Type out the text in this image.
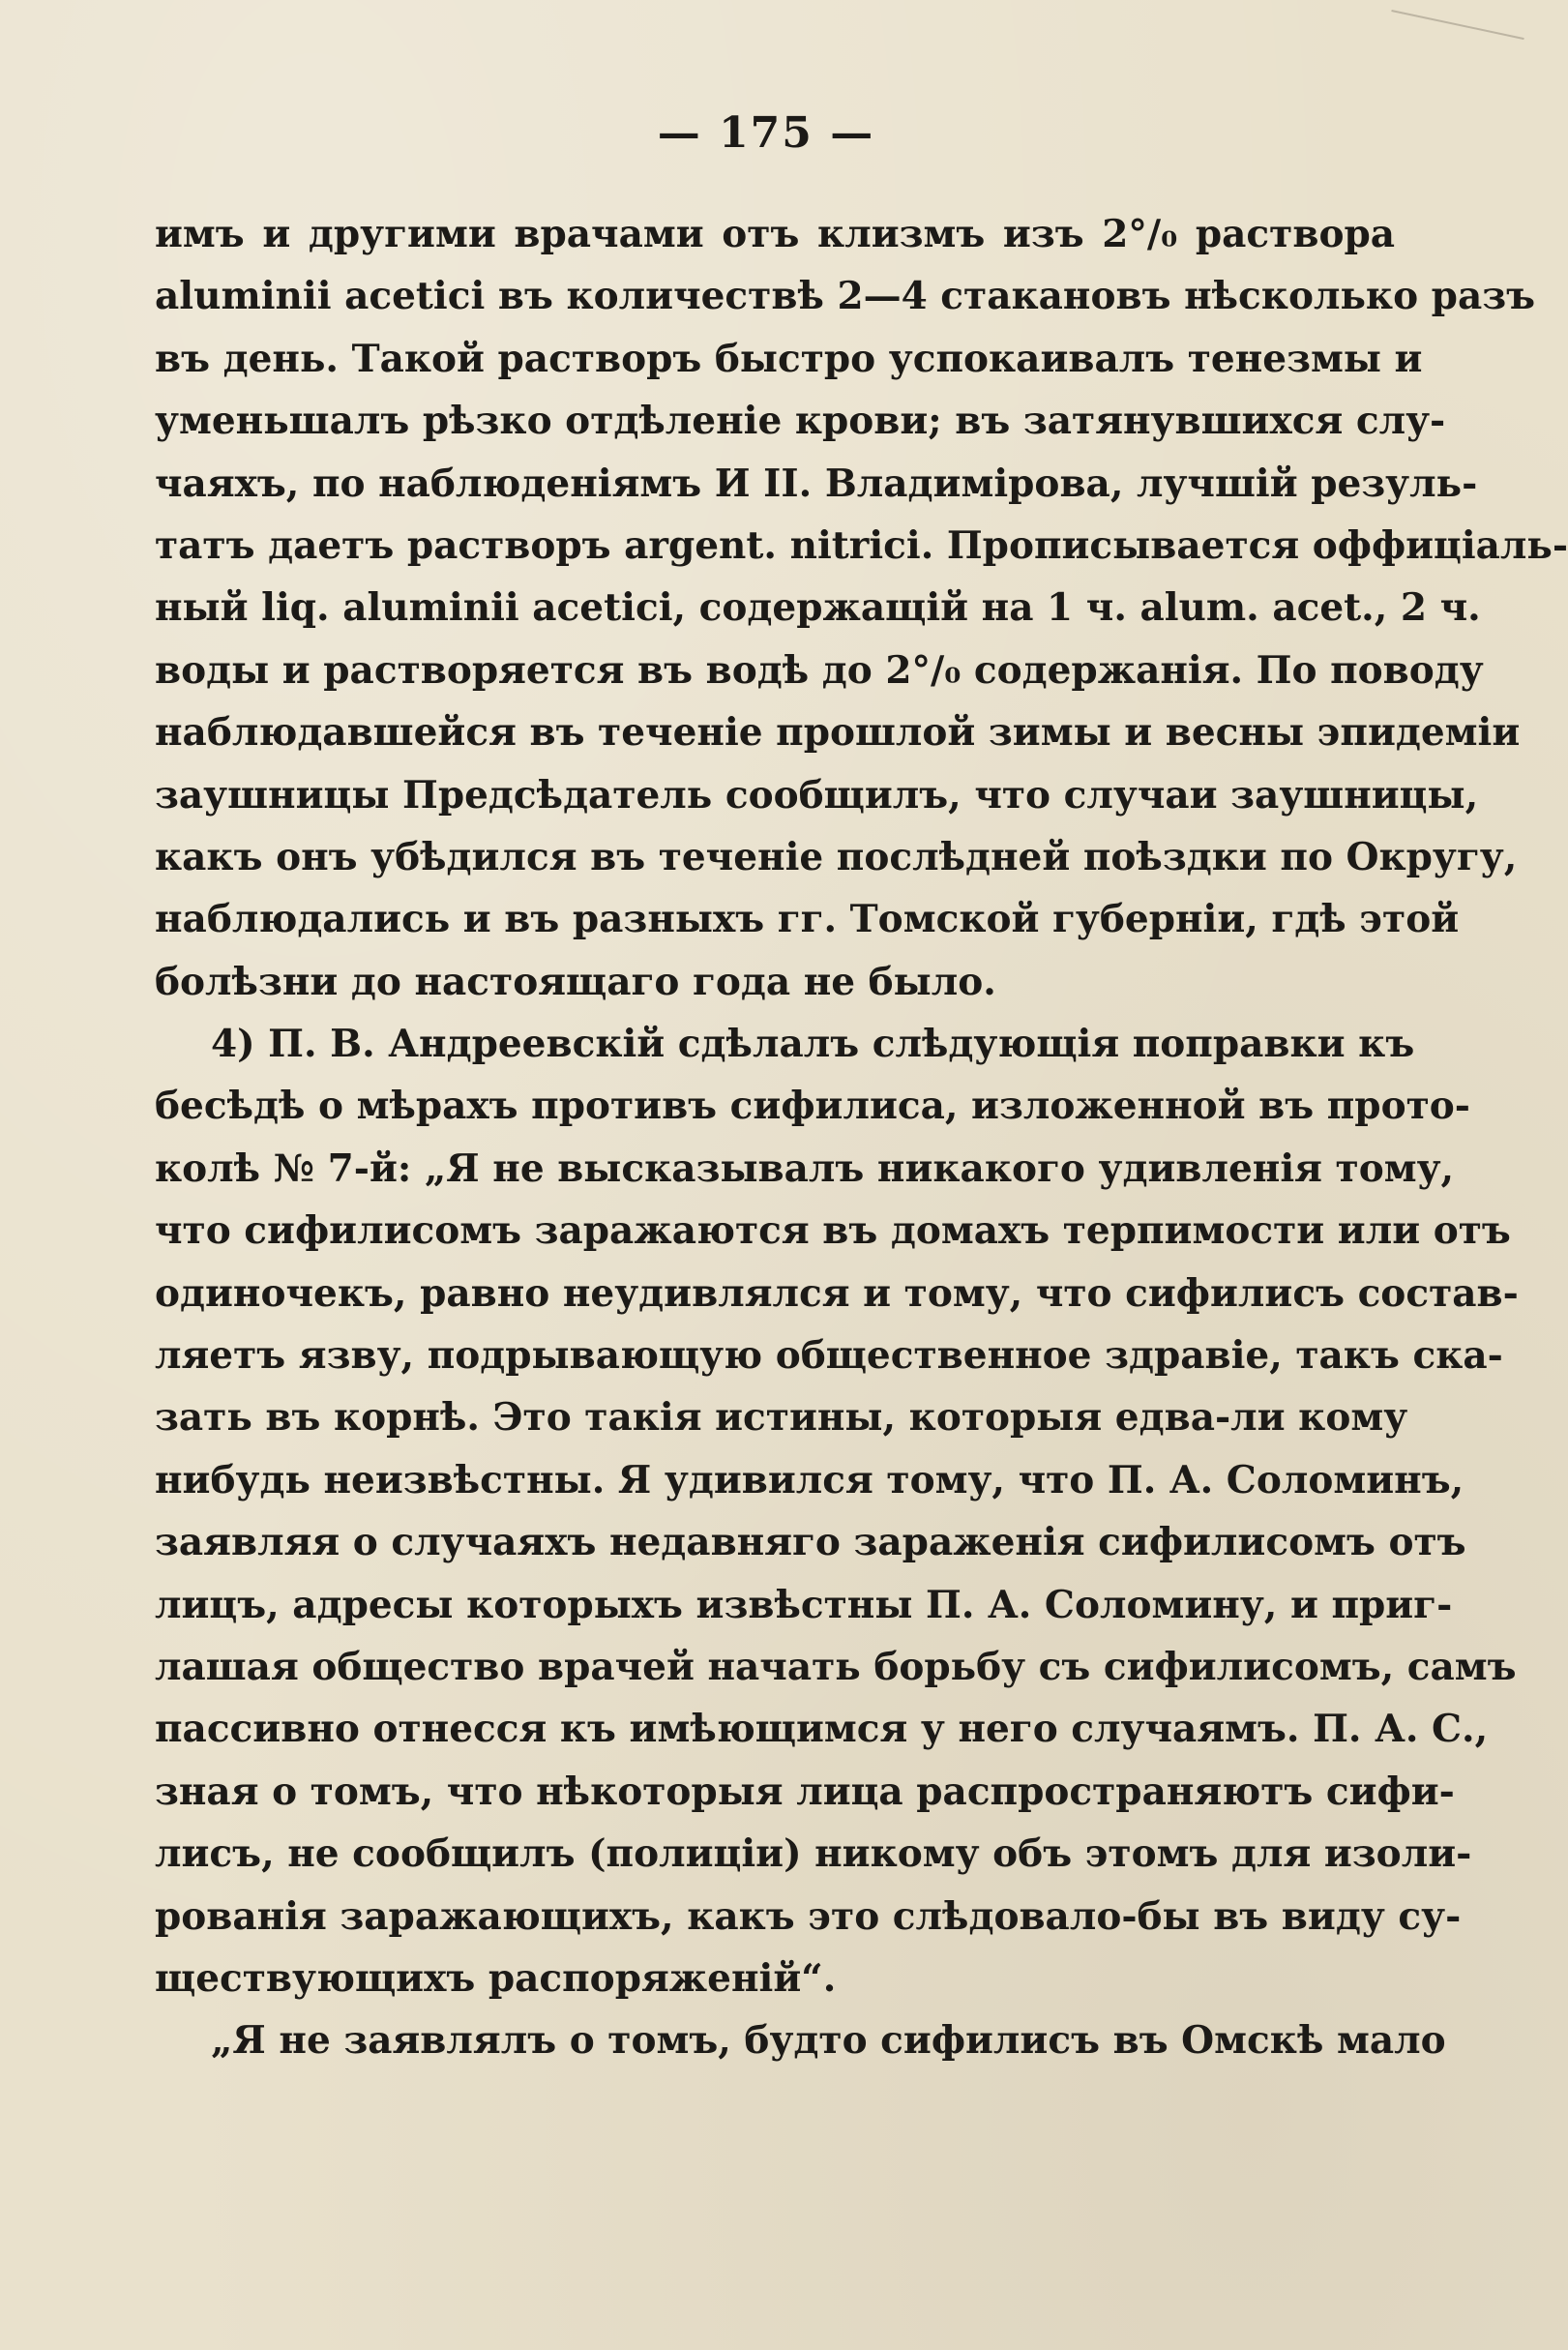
— 175 —
имъ и другими врачами отъ клизмъ изъ 2°/₀ раствора
aluminii acetici въ количествѣ 2—4 стакановъ нѣсколько разъ
въ день. Такой растворъ быстро успокаивалъ тенезмы и
уменьшалъ рѣзко отдѣленіе крови; въ затянувшихся слу-
чаяхъ, по наблюденіямъ И II. Владимірова, лучшій резуль-
татъ даетъ растворъ argent. nitrici. Прописывается оффиціаль-
ный liq. aluminii acetici, содержащій на 1 ч. alum. acet., 2 ч.
воды и растворяется въ водѣ до 2°/₀ содержанія. По поводу
наблюдавшейся въ теченіе прошлой зимы и весны эпидеміи
заушницы Предсѣдатель сообщилъ, что случаи заушницы,
какъ онъ убѣдился въ теченіе послѣдней поѣздки по Округу,
наблюдались и въ разныхъ гг. Томской губерніи, гдѣ этой
болѣзни до настоящаго года не было.
4) П. В. Андреевскій сдѣлалъ слѣдующія поправки къ
бесѣдѣ о мѣрахъ противъ сифилиса, изложенной въ прото-
колѣ № 7-й: „Я не высказывалъ никакого удивленія тому,
что сифилисомъ заражаются въ домахъ терпимости или отъ
одиночекъ, равно неудивлялся и тому, что сифилисъ состав-
ляетъ язву, подрывающую общественное здравіе, такъ ска-
зать въ корнѣ. Это такія истины, которыя едва-ли кому
нибудь неизвѣстны. Я удивился тому, что П. А. Соломинъ,
заявляя о случаяхъ недавняго зараженія сифилисомъ отъ
лицъ, адресы которыхъ извѣстны П. А. Соломину, и приг-
лашая общество врачей начать борьбу съ сифилисомъ, самъ
пассивно отнесся къ имѣющимся у него случаямъ. П. А. С.,
зная о томъ, что нѣкоторыя лица распространяютъ сифи-
лисъ, не сообщилъ (полиціи) никому объ этомъ для изоли-
рованія заражающихъ, какъ это слѣдовало-бы въ виду су-
ществующихъ распоряженій“.
„Я не заявлялъ о томъ, будто сифилисъ въ Омскѣ мало
